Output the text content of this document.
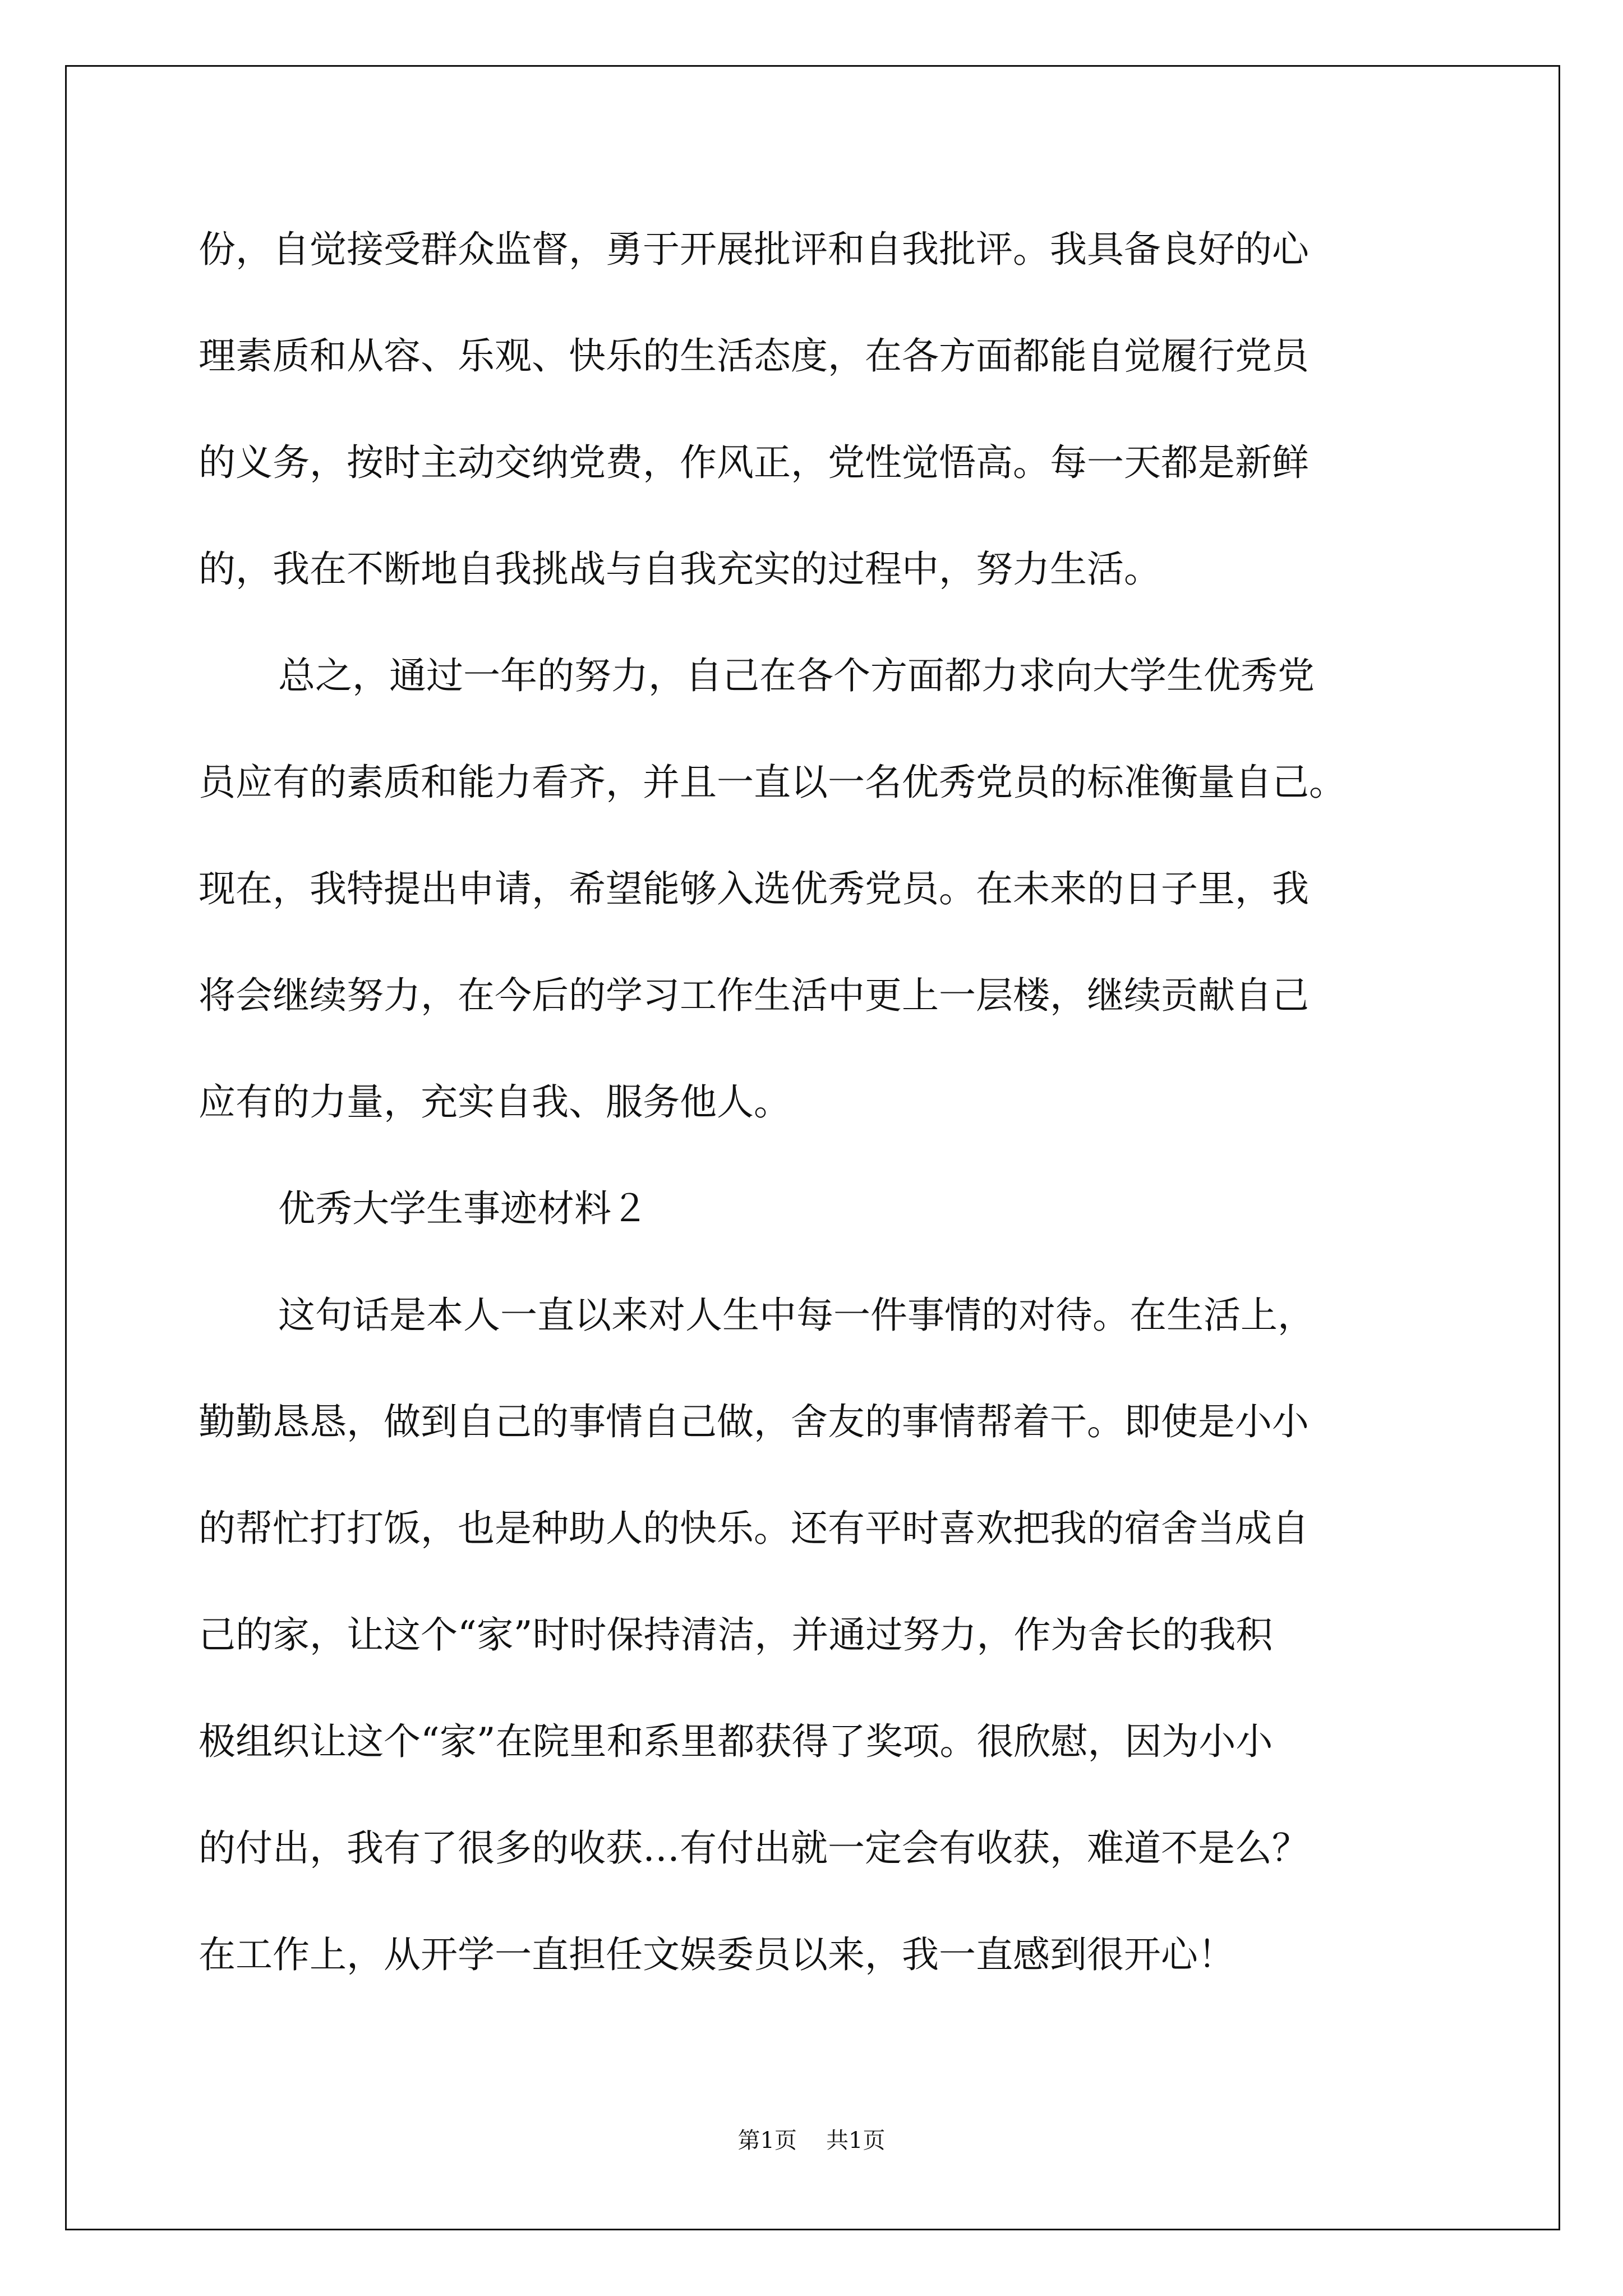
份，自觉接受群众监督，勇于开展批评和自我批评。我具备良好的心
理素质和从容、乐观、快乐的生活态度，在各方面都能自觉履行党员
的义务，按时主动交纳党费，作风正，党性觉悟高。每一天都是新鲜
的，我在不断地自我挑战与自我充实的过程中，努力生活。
总之，通过一年的努力，自己在各个方面都力求向大学生优秀党
员应有的素质和能力看齐，并且一直以一名优秀党员的标准衡量自己。
现在，我特提出申请，希望能够入选优秀党员。在未来的日子里，我
将会继续努力，在今后的学习工作生活中更上一层楼，继续贡献自己
应有的力量，充实自我、服务他人。
优秀大学生事迹材料２
这句话是本人一直以来对人生中每一件事情的对待。在生活上，
勤勤恳恳，做到自己的事情自己做，舍友的事情帮着干。即使是小小
的帮忙打打饭，也是种助人的快乐。还有平时喜欢把我的宿舍当成自
己的家，让这个“家”时时保持清洁，并通过努力，作为舍长的我积
极组织让这个“家”在院里和系里都获得了奖项。很欣慰，因为小小
的付出，我有了很多的收获…有付出就一定会有收获，难道不是么？
在工作上，从开学一直担任文娱委员以来，我一直感到很开心！
第1页 共1页
